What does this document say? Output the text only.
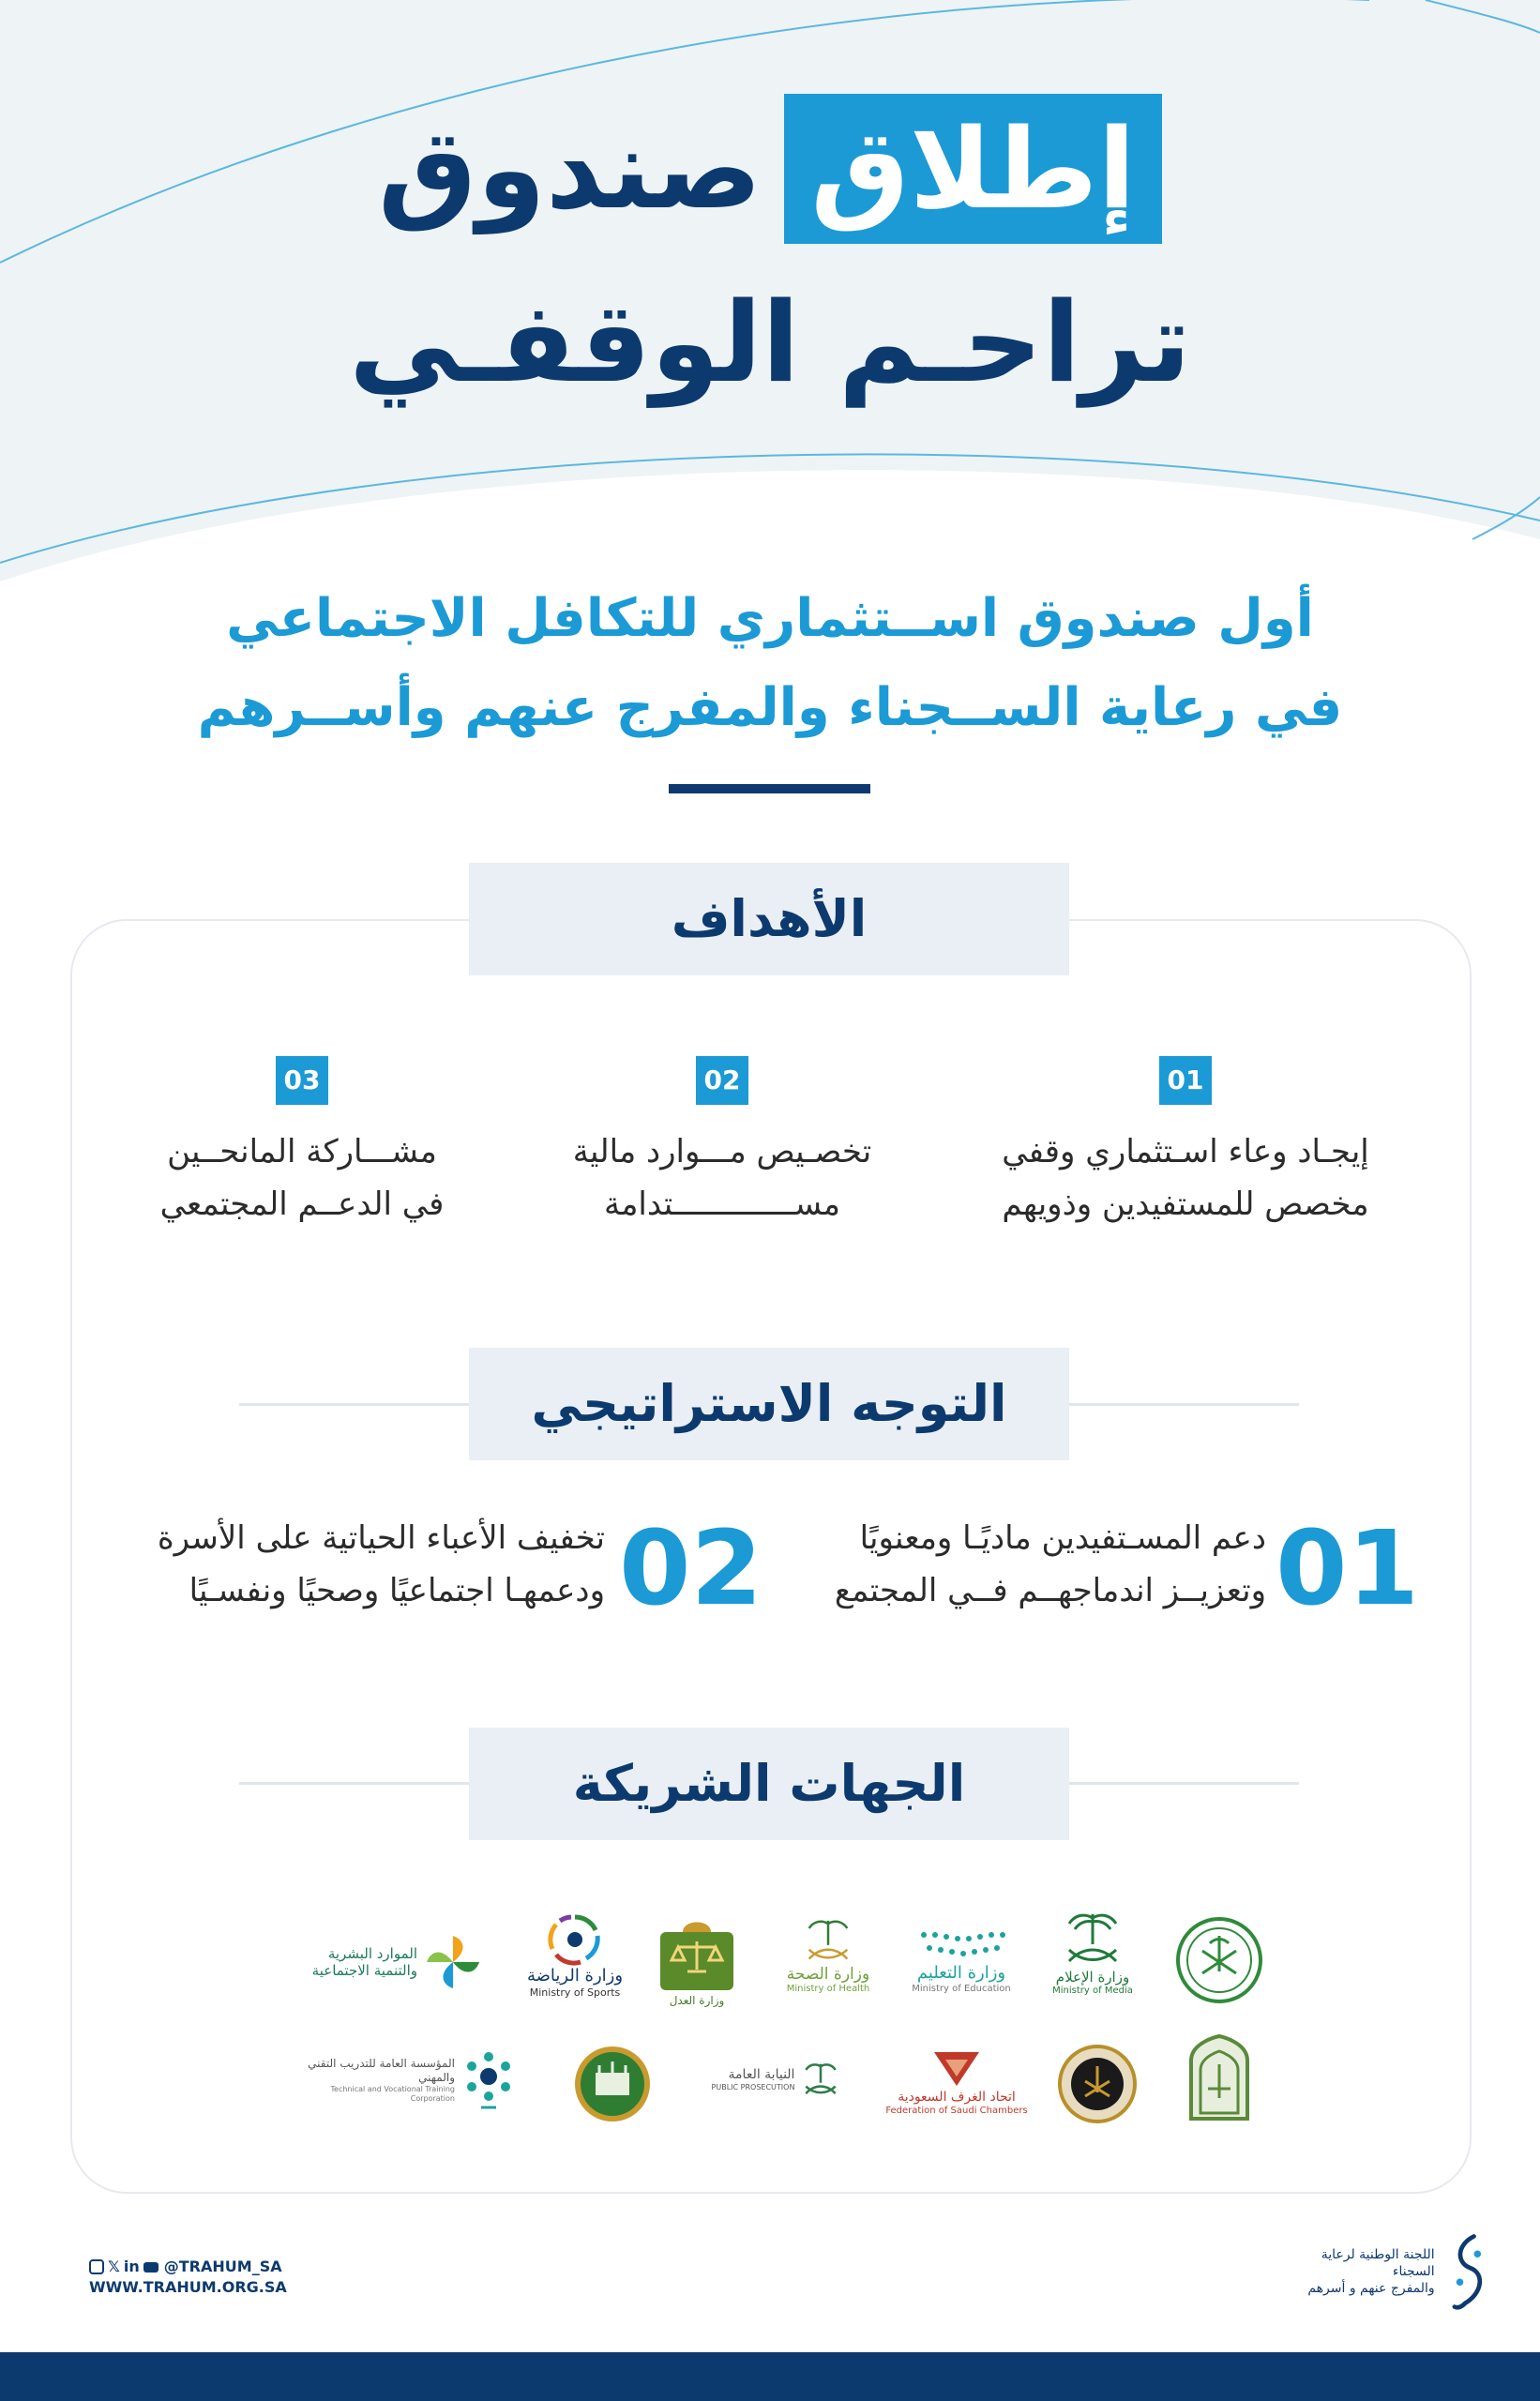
إطلاقصندوق
تراحـم الوقفـي
أول صندوق اســتثماري للتكافل الاجتماعي
في رعاية الســجناء والمفرج عنهم وأســرهم
الأهداف
01
إيجـاد وعاء اسـتثماري وقفي
مخصص للمستفيدين وذويهم
02
تخصـيص مـــوارد مالية
مســـــــــــــتدامة
03
مشـــاركة المانحــين
في الدعــم المجتمعي
التوجه الاستراتيجي
01
دعم المسـتفيدين ماديًـا ومعنويًا
وتعزيــز اندماجهــم فــي المجتمع
02
تخفيف الأعباء الحياتية على الأسرة
ودعمهـا اجتماعيًا وصحيًا ونفسـيًا
الجهات الشريكة
وزارة الإعلام
Ministry of Media
وزارة التعليم
Ministry of Education
وزارة الصحة
Ministry of Health
وزارة العدل
وزارة الرياضة
Ministry of Sports
الموارد البشرية والتنمية الاجتماعية
اتحاد الغرف السعودية
Federation of Saudi Chambers
النيابة العامة
PUBLIC PROSECUTION
المؤسسة العامة للتدريب التقني والمهني
Technical and Vocational Training Corporation
𝕏 in @TRAHUM_SA
WWW.TRAHUM.ORG.SA
اللجنة الوطنية لرعاية السجناء
والمفرج عنهم و أسرهم
